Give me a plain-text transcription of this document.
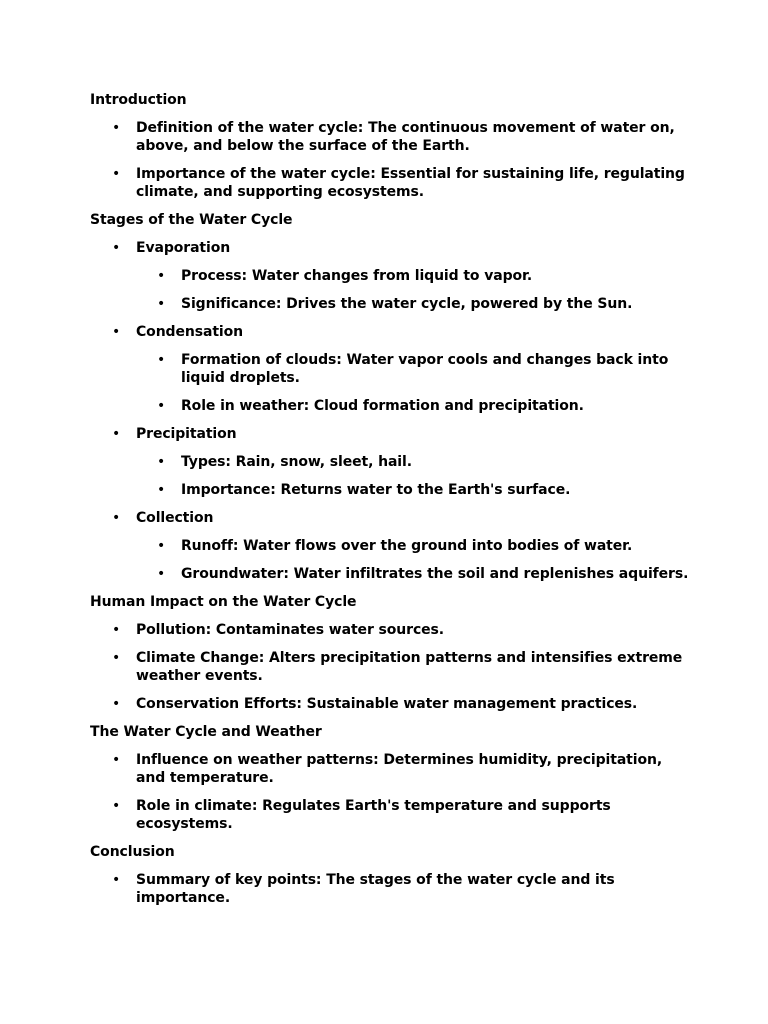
Introduction
• Definition of the water cycle: The continuous movement of water on, above, and below the surface of the Earth.
• Importance of the water cycle: Essential for sustaining life, regulating climate, and supporting ecosystems.
Stages of the Water Cycle
• Evaporation
• Process: Water changes from liquid to vapor.
• Significance: Drives the water cycle, powered by the Sun.
• Condensation
• Formation of clouds: Water vapor cools and changes back into liquid droplets.
• Role in weather: Cloud formation and precipitation.
• Precipitation
• Types: Rain, snow, sleet, hail.
• Importance: Returns water to the Earth's surface.
• Collection
• Runoff: Water flows over the ground into bodies of water.
• Groundwater: Water infiltrates the soil and replenishes aquifers.
Human Impact on the Water Cycle
• Pollution: Contaminates water sources.
• Climate Change: Alters precipitation patterns and intensifies extreme weather events.
• Conservation Efforts: Sustainable water management practices.
The Water Cycle and Weather
• Influence on weather patterns: Determines humidity, precipitation, and temperature.
• Role in climate: Regulates Earth's temperature and supports ecosystems.
Conclusion
• Summary of key points: The stages of the water cycle and its importance.
